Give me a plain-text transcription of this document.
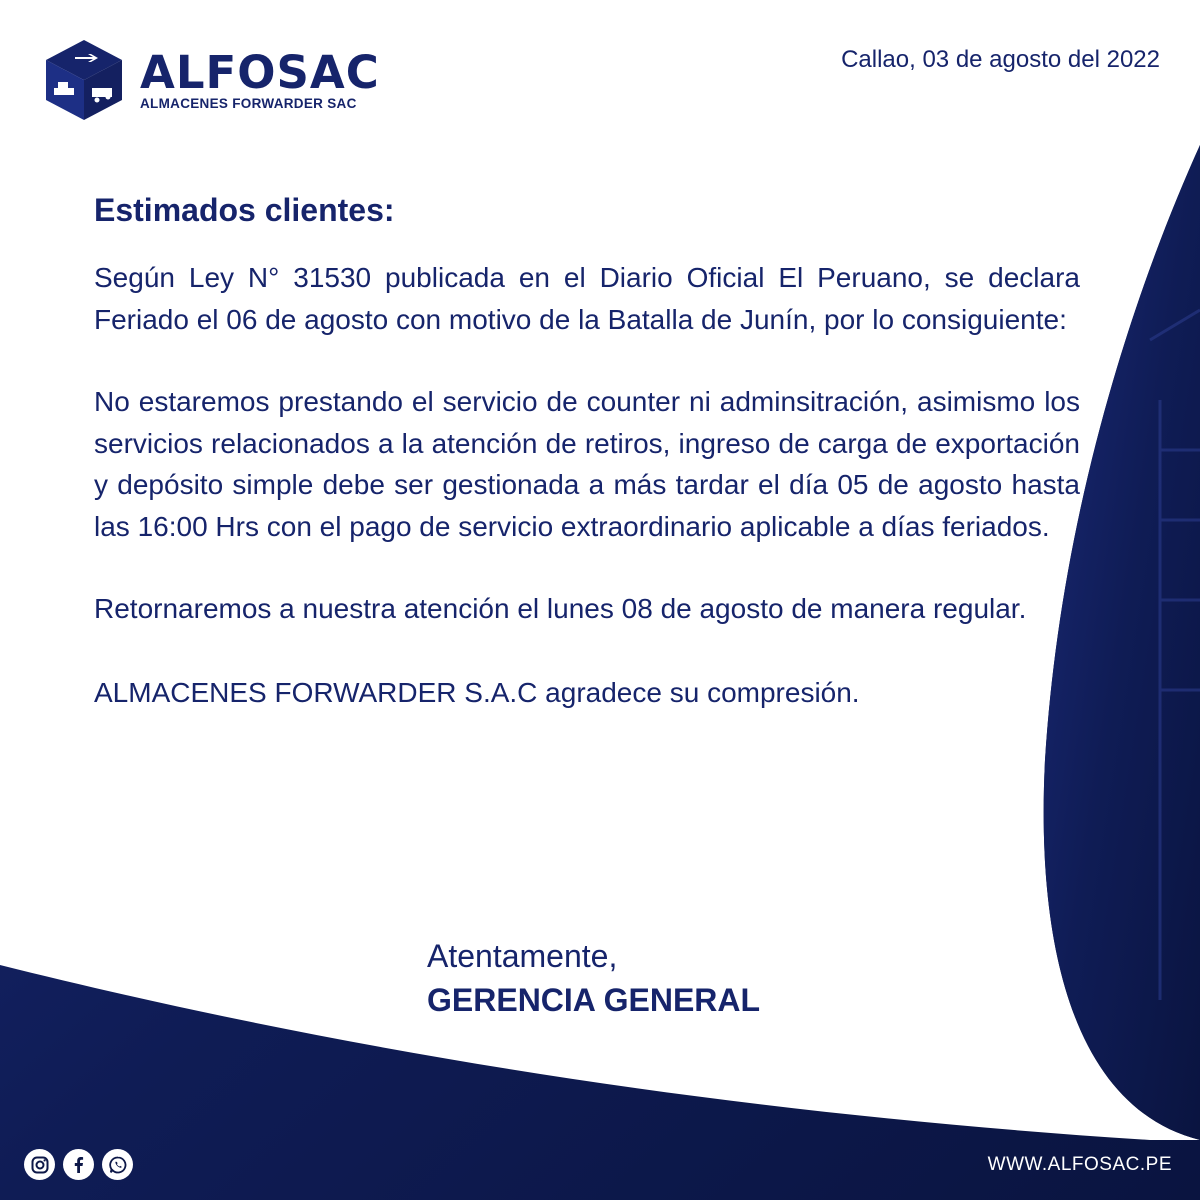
ALFOSAC
ALMACENES FORWARDER SAC
Callao, 03 de agosto del 2022
Estimados clientes:

Según Ley N° 31530 publicada en el Diario Oficial El Peruano, se declara Feriado el 06 de agosto con motivo de la Batalla de Junín, por lo consiguiente:

No estaremos prestando el servicio de counter ni adminsitración, asimismo los servicios relacionados a la atención de retiros, ingreso de carga de exportación y depósito simple debe ser gestionada a más tardar el día 05 de agosto hasta las 16:00 Hrs con el pago de servicio extraordinario aplicable a días feriados.

Retornaremos a nuestra atención el lunes 08 de agosto de manera regular.

ALMACENES FORWARDER S.A.C agradece su compresión.

Atentamente,
GERENCIA GENERAL
WWW.ALFOSAC.PE
